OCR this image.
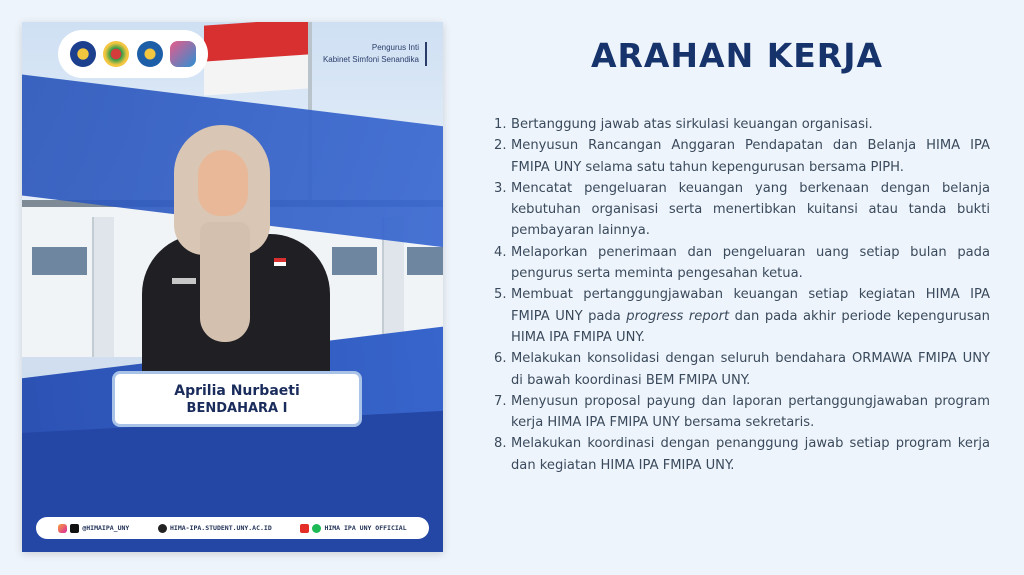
Pengurus Inti
Kabinet Simfoni Senandika
Aprilia Nurbaeti
BENDAHARA I
@HIMAIPA_UNY	HIMA-IPA.STUDENT.UNY.AC.ID	HIMA IPA UNY OFFICIAL
ARAHAN KERJA
1. Bertanggung jawab atas sirkulasi keuangan organisasi.
2. Menyusun Rancangan Anggaran Pendapatan dan Belanja HIMA IPA FMIPA UNY selama satu tahun kepengurusan bersama PIPH.
3. Mencatat pengeluaran keuangan yang berkenaan dengan belanja kebutuhan organisasi serta menertibkan kuitansi atau tanda bukti pembayaran lainnya.
4. Melaporkan penerimaan dan pengeluaran uang setiap bulan pada pengurus serta meminta pengesahan ketua.
5. Membuat pertanggungjawaban keuangan setiap kegiatan HIMA IPA FMIPA UNY pada progress report dan pada akhir periode kepengurusan HIMA IPA FMIPA UNY.
6. Melakukan konsolidasi dengan seluruh bendahara ORMAWA FMIPA UNY di bawah koordinasi BEM FMIPA UNY.
7. Menyusun proposal payung dan laporan pertanggungjawaban program kerja HIMA IPA FMIPA UNY bersama sekretaris.
8. Melakukan koordinasi dengan penanggung jawab setiap program kerja dan kegiatan HIMA IPA FMIPA UNY.
